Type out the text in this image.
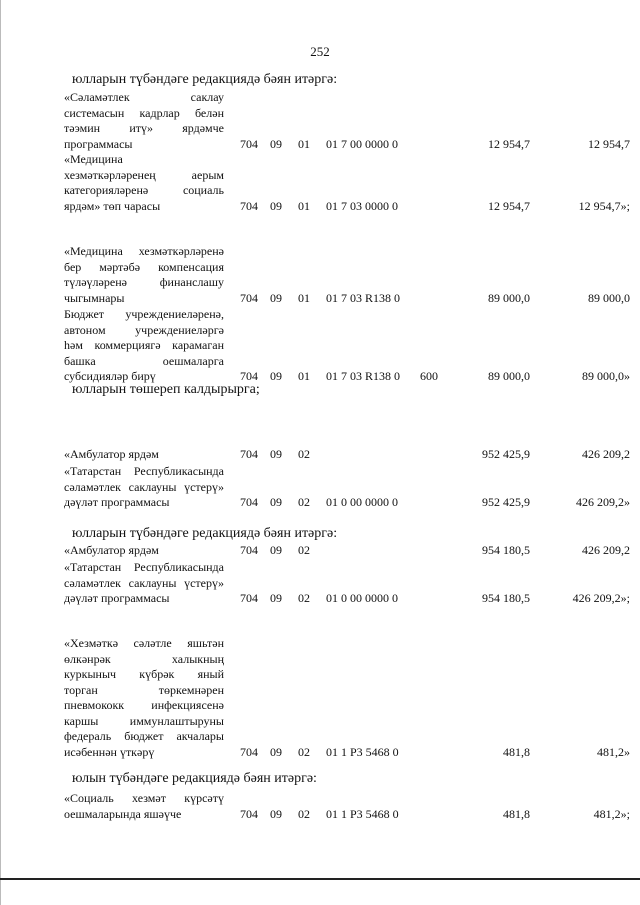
252
юлларын түбәндәге редакциядә бәян итәргә:
юлларын төшереп калдырырга;
юлларын түбәндәге редакциядә бәян итәргә:
юлын түбәндәге редакциядә бәян итәргә:
«Сәламәтлек саклау
системасын кадрлар белән
тәэмин итү» ярдәмче
программасы	704 09 01 01 7 00 0000 0	12 954,7	12 954,7
«Медицина
хезмәткәрләренең аерым
категорияләренә социаль
ярдәм» төп чарасы	704 09 01 01 7 03 0000 0	12 954,7	12 954,7»;
«Медицина хезмәткәрләренә
бер мәртәбә компенсация
түләүләренә финанслашу
чыгымнары	704 09 01 01 7 03 R138 0	89 000,0	89 000,0
Бюджет учреждениеләренә,
автоном учреждениеләргә
һәм коммерциягә карамаган
башка оешмаларга
субсидияләр бирү	704 09 01 01 7 03 R138 0 600	89 000,0	89 000,0»
«Амбулатор ярдәм	704 09 02	952 425,9	426 209,2
«Татарстан Республикасында
сәламәтлек саклауны үстерү»
дәүләт программасы	704 09 02 01 0 00 0000 0	952 425,9	426 209,2»
«Амбулатор ярдәм	704 09 02	954 180,5	426 209,2
«Татарстан Республикасында
сәламәтлек саклауны үстерү»
дәүләт программасы	704 09 02 01 0 00 0000 0	954 180,5	426 209,2»;
«Хезмәткә сәләтле яшьтән
өлкәнрәк халыкның
куркыныч күбрәк яный
торган төркемнәрен
пневмококк инфекциясенә
каршы иммунлаштыруны
федераль бюджет акчалары
исәбеннән үткәрү	704 09 02 01 1 Р3 5468 0	481,8	481,2»
«Социаль хезмәт күрсәтү
оешмаларында яшәүче	704 09 02 01 1 Р3 5468 0	481,8	481,2»;
